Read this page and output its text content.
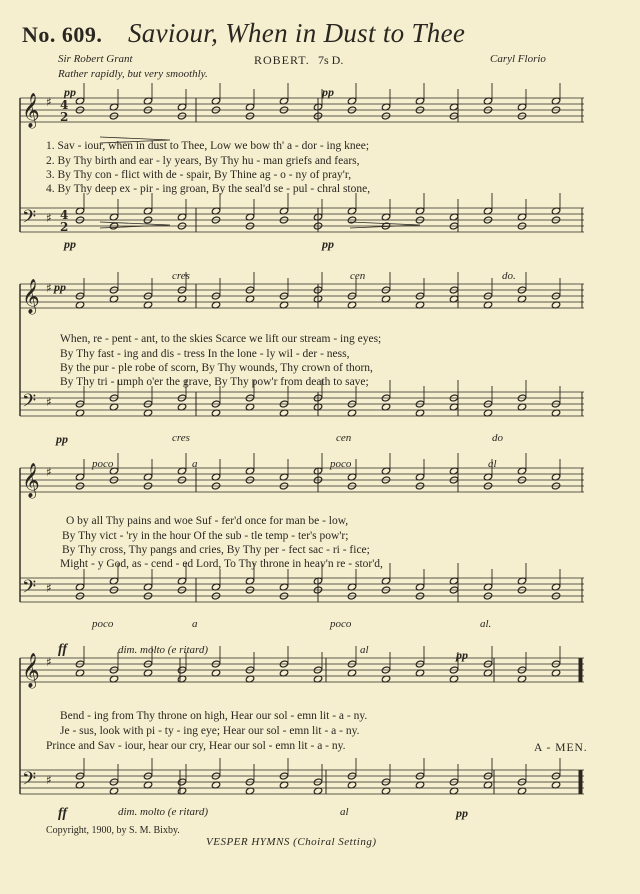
𝄞 ♯
𝄢 ♯
𝄞 ♯
𝄢 ♯
𝄞 ♯
𝄢 ♯
𝄞 ♯
𝄢 ♯
4
2
4
2
No. 609. Saviour, When in Dust to Thee
Sir Robert Grant	ROBERT. 7s D.	Caryl Florio
Rather rapidly, but very smoothly.
pp	pp
pp	pp
1. Sav - iour, when in dust to Thee, Low we bow th' a - dor - ing knee;
2. By Thy birth and ear - ly years, By Thy hu - man griefs and fears,
3. By Thy con - flict with de - spair, By Thine ag - o - ny of pray'r,
4. By Thy deep ex - pir - ing groan, By the seal'd se - pul - chral stone,
cres	cen	do.
pp
pp	cres	cen	do
When, re - pent - ant, to the skies Scarce we lift our stream - ing eyes;
By Thy fast - ing and dis - tress In the lone - ly wil - der - ness,
By the pur - ple robe of scorn, By Thy wounds, Thy crown of thorn,
By Thy tri - umph o'er the grave, By Thy pow'r from death to save;
poco	a	poco	al
poco	a	poco	al.
O by all Thy pains and woe Suf - fer'd once for man be - low,
By Thy vict - 'ry in the hour Of the sub - tle temp - ter's pow'r;
By Thy cross, Thy pangs and cries, By Thy per - fect sac - ri - fice;
Might - y God, as - cend - ed Lord, To Thy throne in heav'n re - stor'd,
ff	dim. molto (e ritard)	al	pp
ff	dim. molto (e ritard)	al	pp
Bend - ing from Thy throne on high, Hear our sol - emn lit - a - ny.
Je - sus, look with pi - ty - ing eye; Hear our sol - emn lit - a - ny.
Prince and Sav - iour, hear our cry, Hear our sol - emn lit - a - ny.	A - MEN.
Copyright, 1900, by S. M. Bixby.
VESPER HYMNS (Choiral Setting)
